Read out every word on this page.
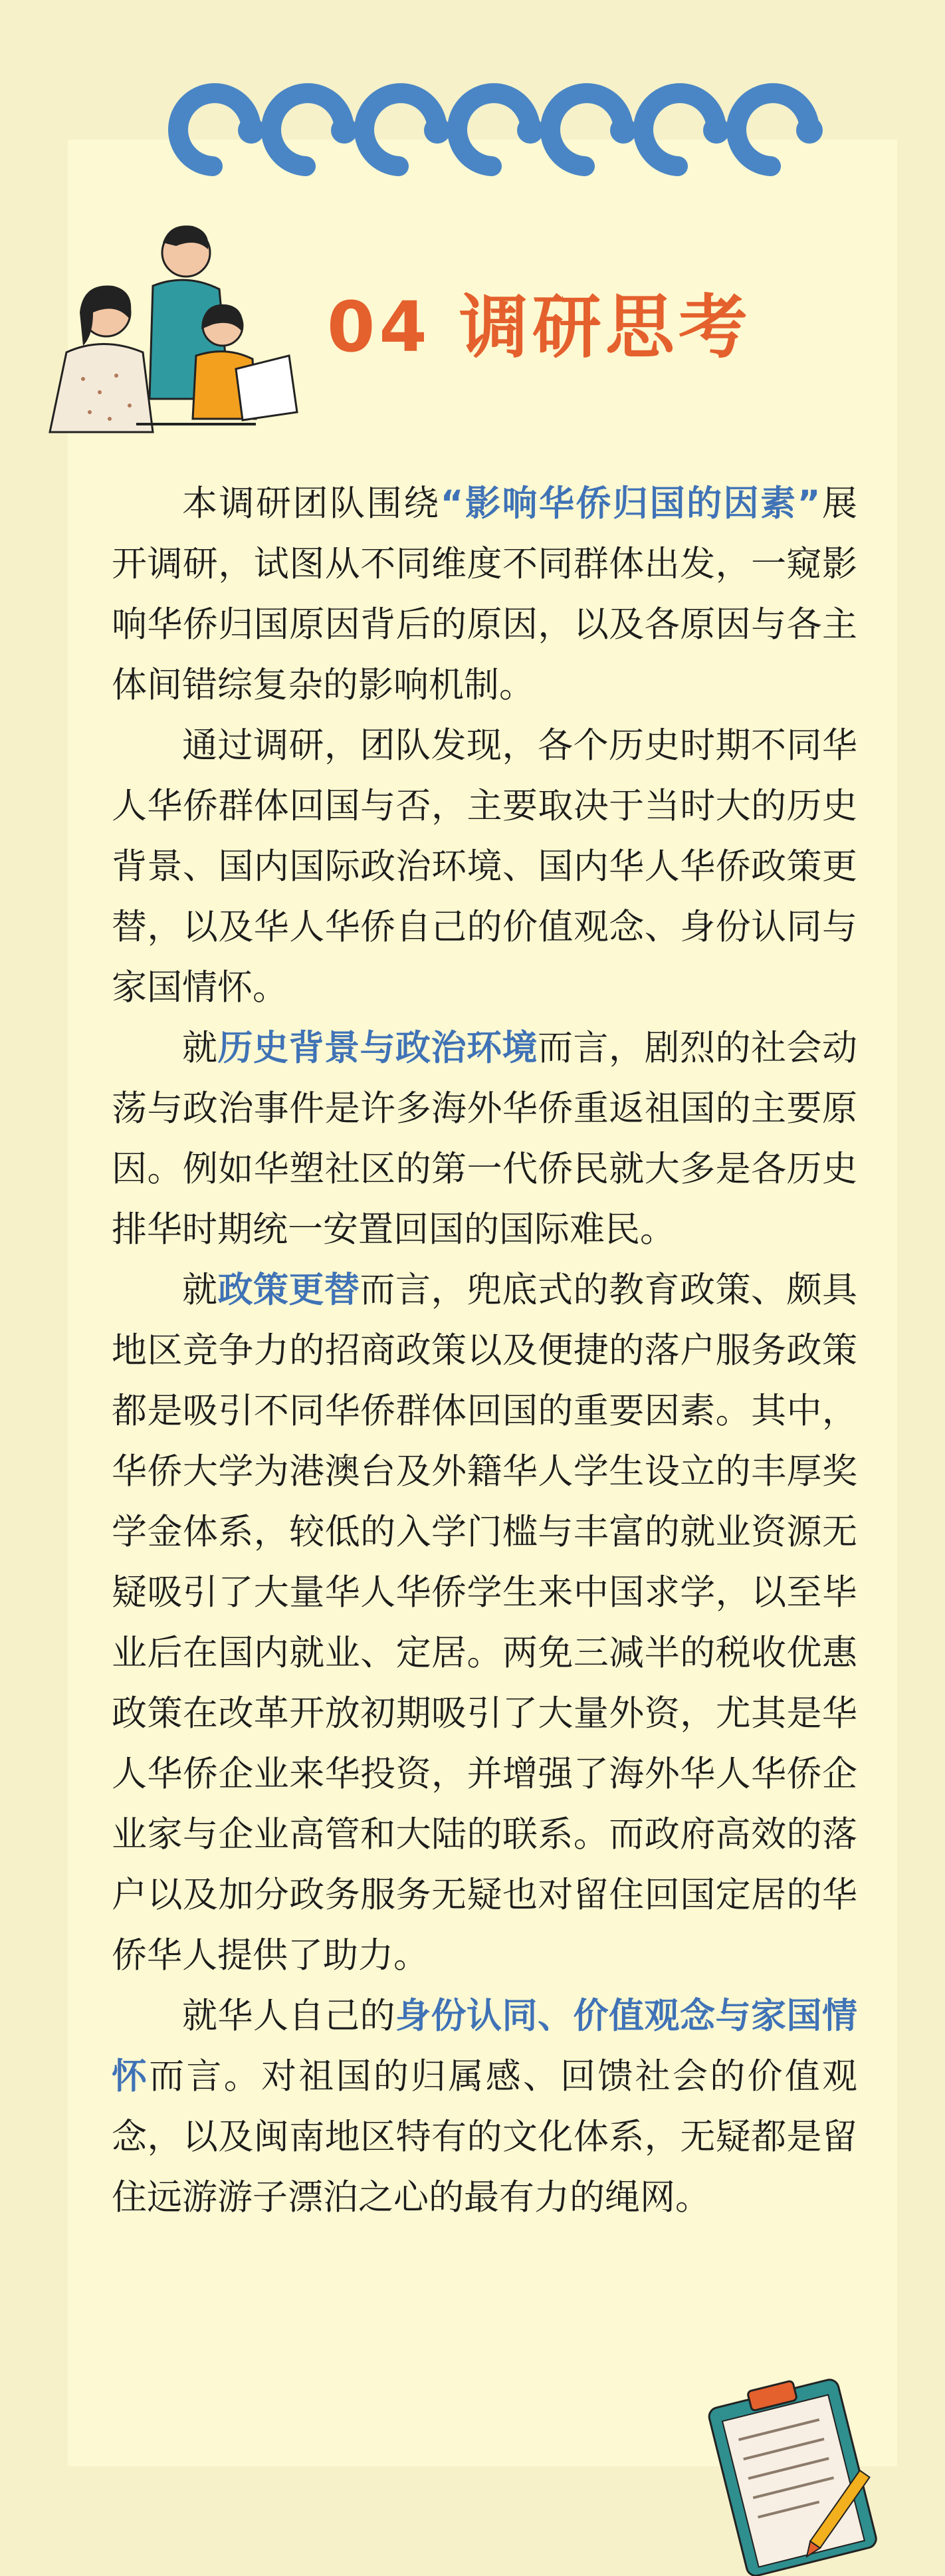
04 调研思考

本调研团队围绕“影响华侨归国的因素”展开调研，试图从不同维度不同群体出发，一窥影响华侨归国原因背后的原因，以及各原因与各主体间错综复杂的影响机制。

通过调研，团队发现，各个历史时期不同华人华侨群体回国与否，主要取决于当时大的历史背景、国内国际政治环境、国内华人华侨政策更替，以及华人华侨自己的价值观念、身份认同与家国情怀。

就历史背景与政治环境而言，剧烈的社会动荡与政治事件是许多海外华侨重返祖国的主要原因。例如华塑社区的第一代侨民就大多是各历史排华时期统一安置回国的国际难民。

就政策更替而言，兜底式的教育政策、颇具地区竞争力的招商政策以及便捷的落户服务政策都是吸引不同华侨群体回国的重要因素。其中，华侨大学为港澳台及外籍华人学生设立的丰厚奖学金体系，较低的入学门槛与丰富的就业资源无疑吸引了大量华人华侨学生来中国求学，以至毕业后在国内就业、定居。两免三减半的税收优惠政策在改革开放初期吸引了大量外资，尤其是华人华侨企业来华投资，并增强了海外华人华侨企业家与企业高管和大陆的联系。而政府高效的落户以及加分政务服务无疑也对留住回国定居的华侨华人提供了助力。

就华人自己的身份认同、价值观念与家国情怀而言。对祖国的归属感、回馈社会的价值观念，以及闽南地区特有的文化体系，无疑都是留住远游游子漂泊之心的最有力的绳网。
